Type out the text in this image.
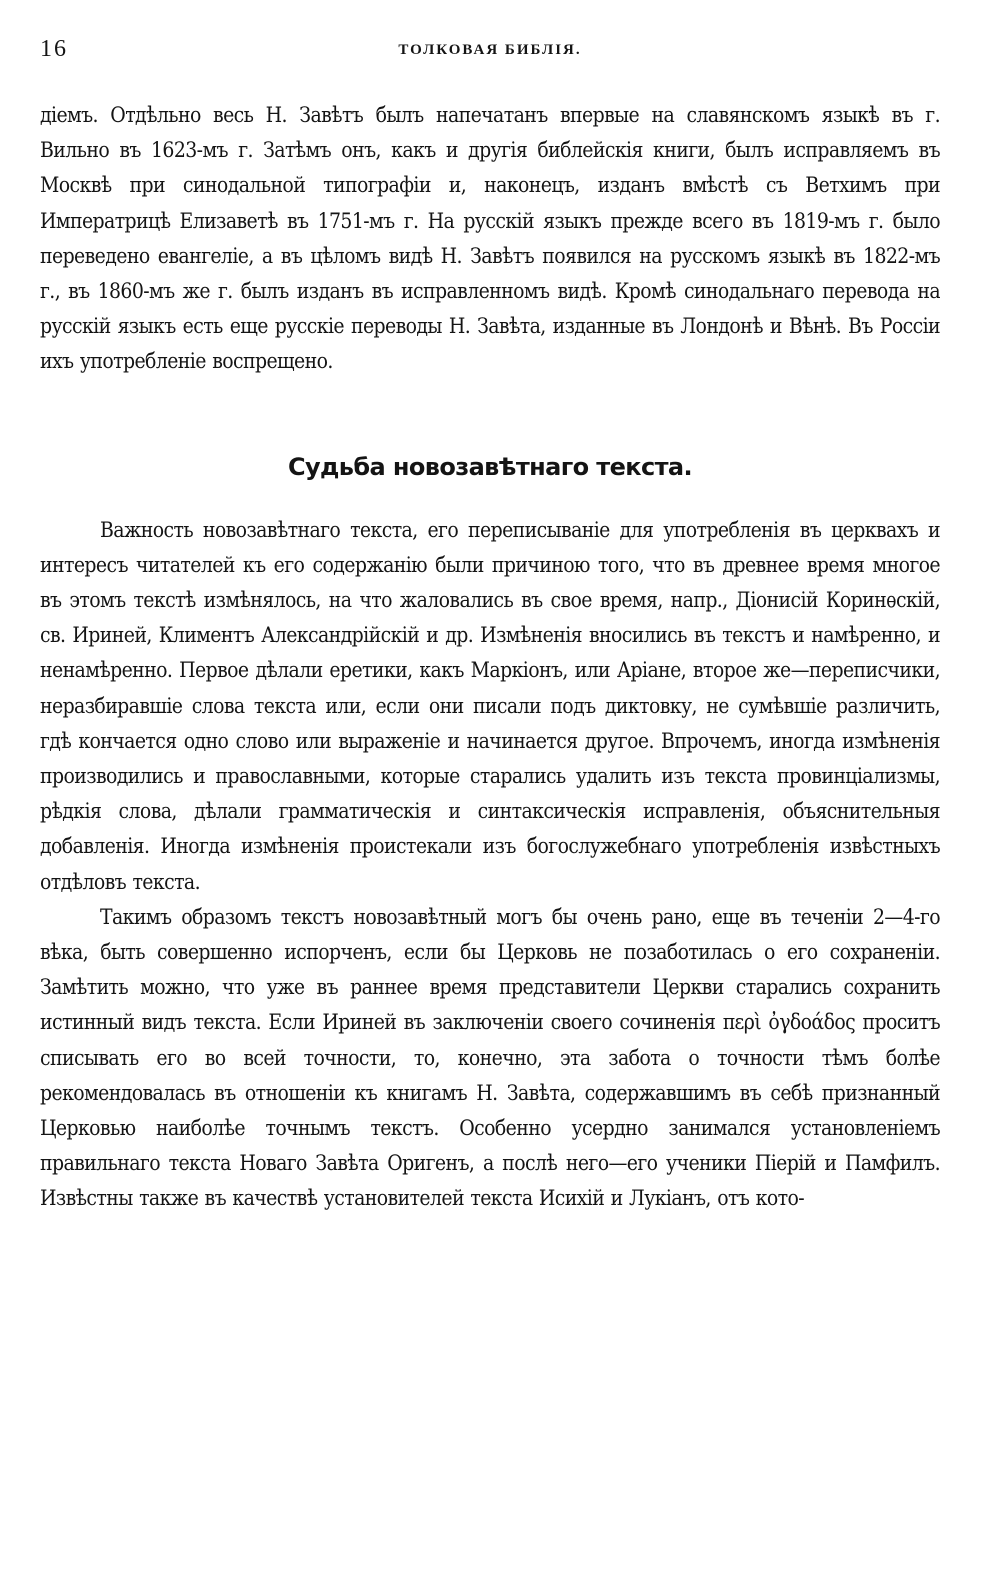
16	ТОЛКОВАЯ БИБЛІЯ.

діемъ. Отдѣльно весь Н. Завѣтъ былъ напечатанъ впервые на славянскомъ языкѣ въ г. Вильно въ 1623-мъ г. Затѣмъ онъ, какъ и другія библейскія книги, былъ исправляемъ въ Москвѣ при синодальной типографіи и, наконецъ, изданъ вмѣстѣ съ Ветхимъ при Императрицѣ Елизаветѣ въ 1751-мъ г. На русскій языкъ прежде всего въ 1819-мъ г. было переведено евангеліе, а въ цѣломъ видѣ Н. Завѣтъ появился на русскомъ языкѣ въ 1822-мъ г., въ 1860-мъ же г. былъ изданъ въ исправленномъ видѣ. Кромѣ синодальнаго перевода на русскій языкъ есть еще русскіе переводы Н. Завѣта, изданные въ Лондонѣ и Вѣнѣ. Въ Россіи ихъ употребленіе воспрещено.

Судьба новозавѣтнаго текста.

Важность новозавѣтнаго текста, его переписываніе для употребленія въ церквахъ и интересъ читателей къ его содержанію были причиною того, что въ древнее время многое въ этомъ текстѣ измѣнялось, на что жаловались въ свое время, напр., Діонисій Коринѳскій, св. Ириней, Климентъ Александрійскій и др. Измѣненія вносились въ текстъ и намѣренно, и ненамѣренно. Первое дѣлали еретики, какъ Маркіонъ, или Аріане, второе же—переписчики, неразбиравшіе слова текста или, если они писали подъ диктовку, не сумѣвшіе различить, гдѣ кончается одно слово или выраженіе и начинается другое. Впрочемъ, иногда измѣненія производились и православными, которые старались удалить изъ текста провинціализмы, рѣдкія слова, дѣлали грамматическія и синтаксическія исправленія, объяснительныя добавленія. Иногда измѣненія проистекали изъ богослужебнаго употребленія извѣстныхъ отдѣловъ текста.

Такимъ образомъ текстъ новозавѣтный могъ бы очень рано, еще въ теченіи 2—4-го вѣка, быть совершенно испорченъ, если бы Церковь не позаботилась о его сохраненіи. Замѣтить можно, что уже въ раннее время представители Церкви старались сохранить истинный видъ текста. Если Ириней въ заключеніи своего сочиненія περὶ ὀγδοάδος проситъ списывать его во всей точности, то, конечно, эта забота о точности тѣмъ болѣе рекомендовалась въ отношеніи къ книгамъ Н. Завѣта, содержавшимъ въ себѣ признанный Церковью наиболѣе точнымъ текстъ. Особенно усердно занимался установленіемъ правильнаго текста Новаго Завѣта Оригенъ, а послѣ него—его ученики Піерій и Памфилъ. Извѣстны также въ качествѣ установителей текста Исихій и Лукіанъ, отъ кото-
